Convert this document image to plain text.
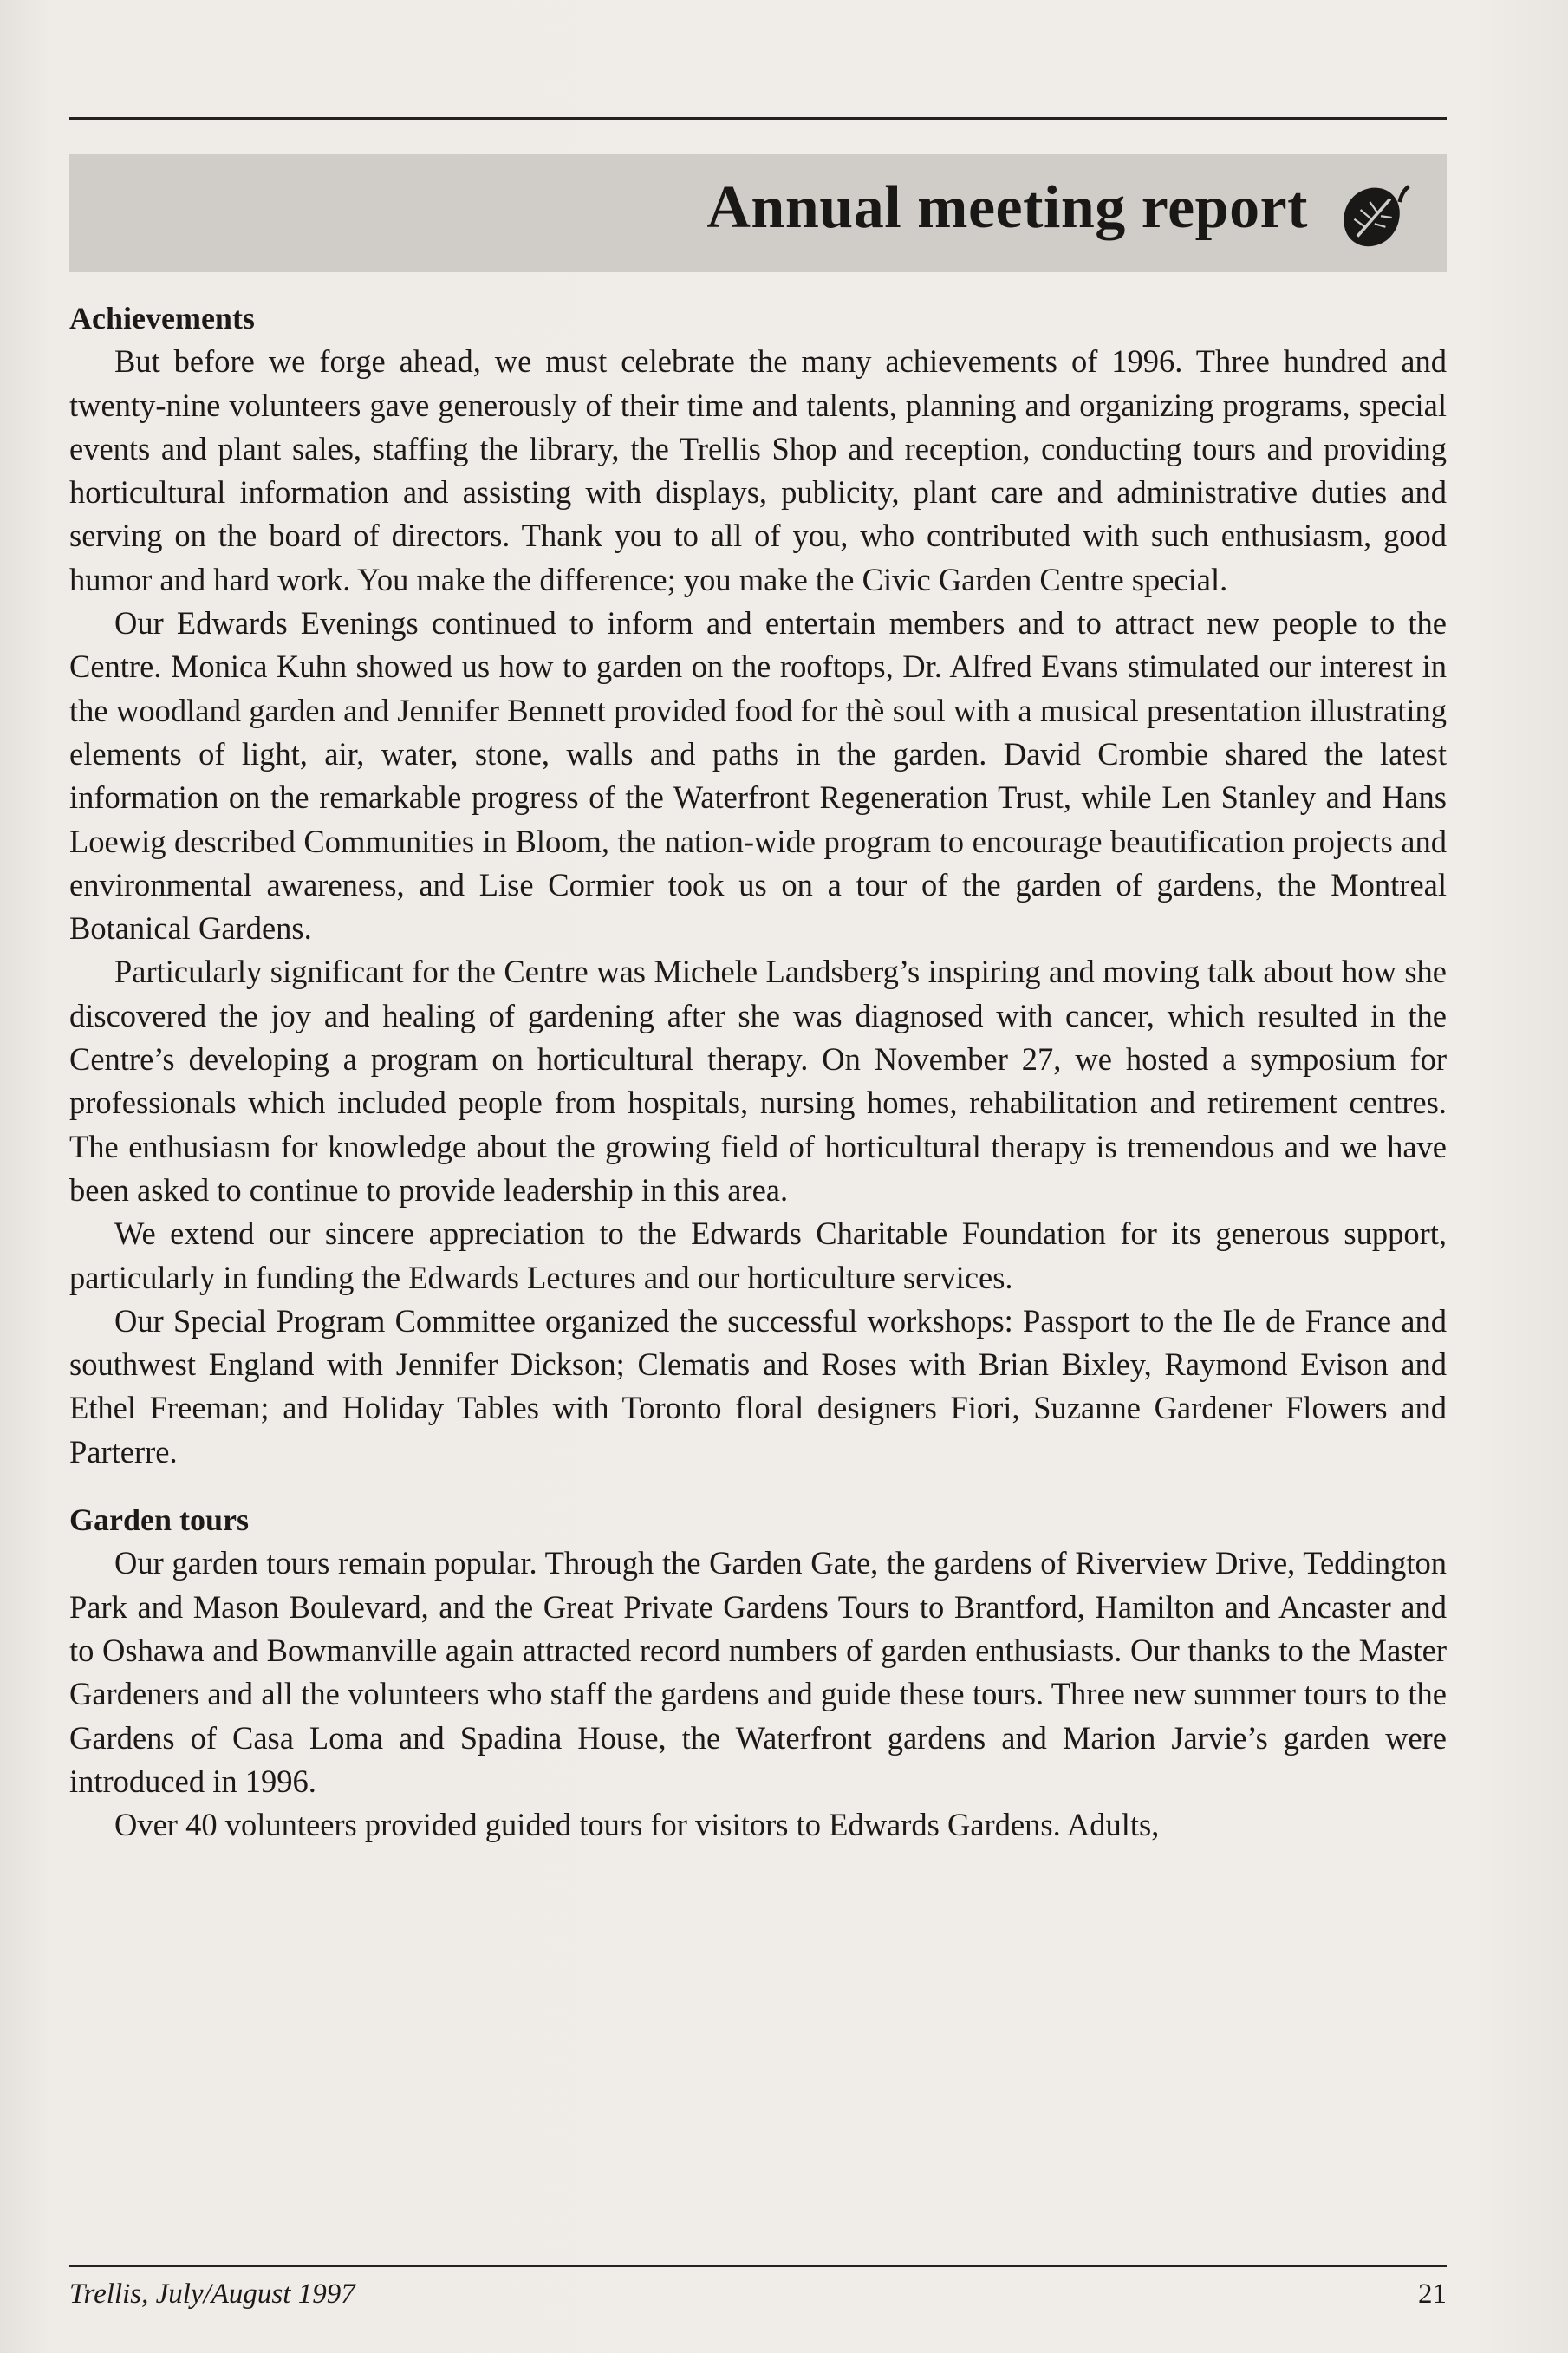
Annual meeting report
Achievements

But before we forge ahead, we must celebrate the many achievements of 1996. Three hundred and twenty-nine volunteers gave generously of their time and talents, planning and organizing programs, special events and plant sales, staffing the library, the Trellis Shop and reception, conducting tours and providing horticultural information and assisting with displays, publicity, plant care and administrative duties and serving on the board of directors. Thank you to all of you, who contributed with such enthusiasm, good humor and hard work. You make the difference; you make the Civic Garden Centre special.

Our Edwards Evenings continued to inform and entertain members and to attract new people to the Centre. Monica Kuhn showed us how to garden on the rooftops, Dr. Alfred Evans stimulated our interest in the woodland garden and Jennifer Bennett provided food for thè soul with a musical presentation illustrating elements of light, air, water, stone, walls and paths in the garden. David Crombie shared the latest information on the remarkable progress of the Waterfront Regeneration Trust, while Len Stanley and Hans Loewig described Communities in Bloom, the nation-wide program to encourage beautification projects and environmental awareness, and Lise Cormier took us on a tour of the garden of gardens, the Montreal Botanical Gardens.

Particularly significant for the Centre was Michele Landsberg’s inspiring and moving talk about how she discovered the joy and healing of gardening after she was diagnosed with cancer, which resulted in the Centre’s developing a program on horticultural therapy. On November 27, we hosted a symposium for professionals which included people from hospitals, nursing homes, rehabilitation and retirement centres. The enthusiasm for knowledge about the growing field of horticultural therapy is tremendous and we have been asked to continue to provide leadership in this area.

We extend our sincere appreciation to the Edwards Charitable Foundation for its generous support, particularly in funding the Edwards Lectures and our horticulture services.

Our Special Program Committee organized the successful workshops: Passport to the Ile de France and southwest England with Jennifer Dickson; Clematis and Roses with Brian Bixley, Raymond Evison and Ethel Freeman; and Holiday Tables with Toronto floral designers Fiori, Suzanne Gardener Flowers and Parterre.

Garden tours

Our garden tours remain popular. Through the Garden Gate, the gardens of Riverview Drive, Teddington Park and Mason Boulevard, and the Great Private Gardens Tours to Brantford, Hamilton and Ancaster and to Oshawa and Bowmanville again attracted record numbers of garden enthusiasts. Our thanks to the Master Gardeners and all the volunteers who staff the gardens and guide these tours. Three new summer tours to the Gardens of Casa Loma and Spadina House, the Waterfront gardens and Marion Jarvie’s garden were introduced in 1996.

Over 40 volunteers provided guided tours for visitors to Edwards Gardens. Adults,

Trellis, July/August 1997	21
